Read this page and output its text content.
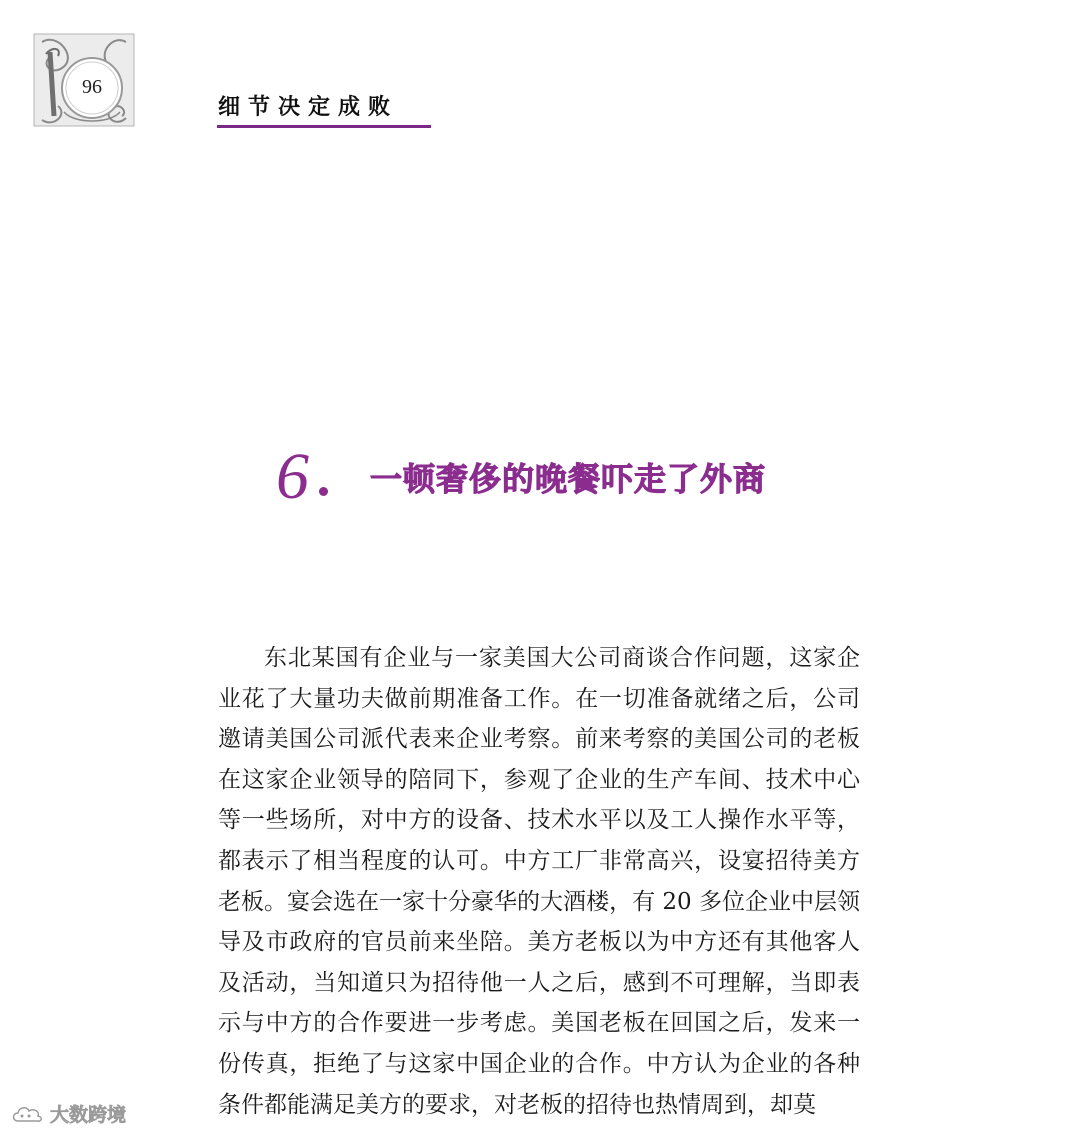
96
细节决定成败
6 一顿奢侈的晚餐吓走了外商

东北某国有企业与一家美国大公司商谈合作问题，这家企业花了大量功夫做前期准备工作。在一切准备就绪之后，公司邀请美国公司派代表来企业考察。前来考察的美国公司的老板在这家企业领导的陪同下，参观了企业的生产车间、技术中心等一些场所，对中方的设备、技术水平以及工人操作水平等，都表示了相当程度的认可。中方工厂非常高兴，设宴招待美方老板。宴会选在一家十分豪华的大酒楼，有 20 多位企业中层领导及市政府的官员前来坐陪。美方老板以为中方还有其他客人及活动，当知道只为招待他一人之后，感到不可理解，当即表示与中方的合作要进一步考虑。美国老板在回国之后，发来一份传真，拒绝了与这家中国企业的合作。中方认为企业的各种条件都能满足美方的要求，对老板的招待也热情周到，却莫

大数跨境
